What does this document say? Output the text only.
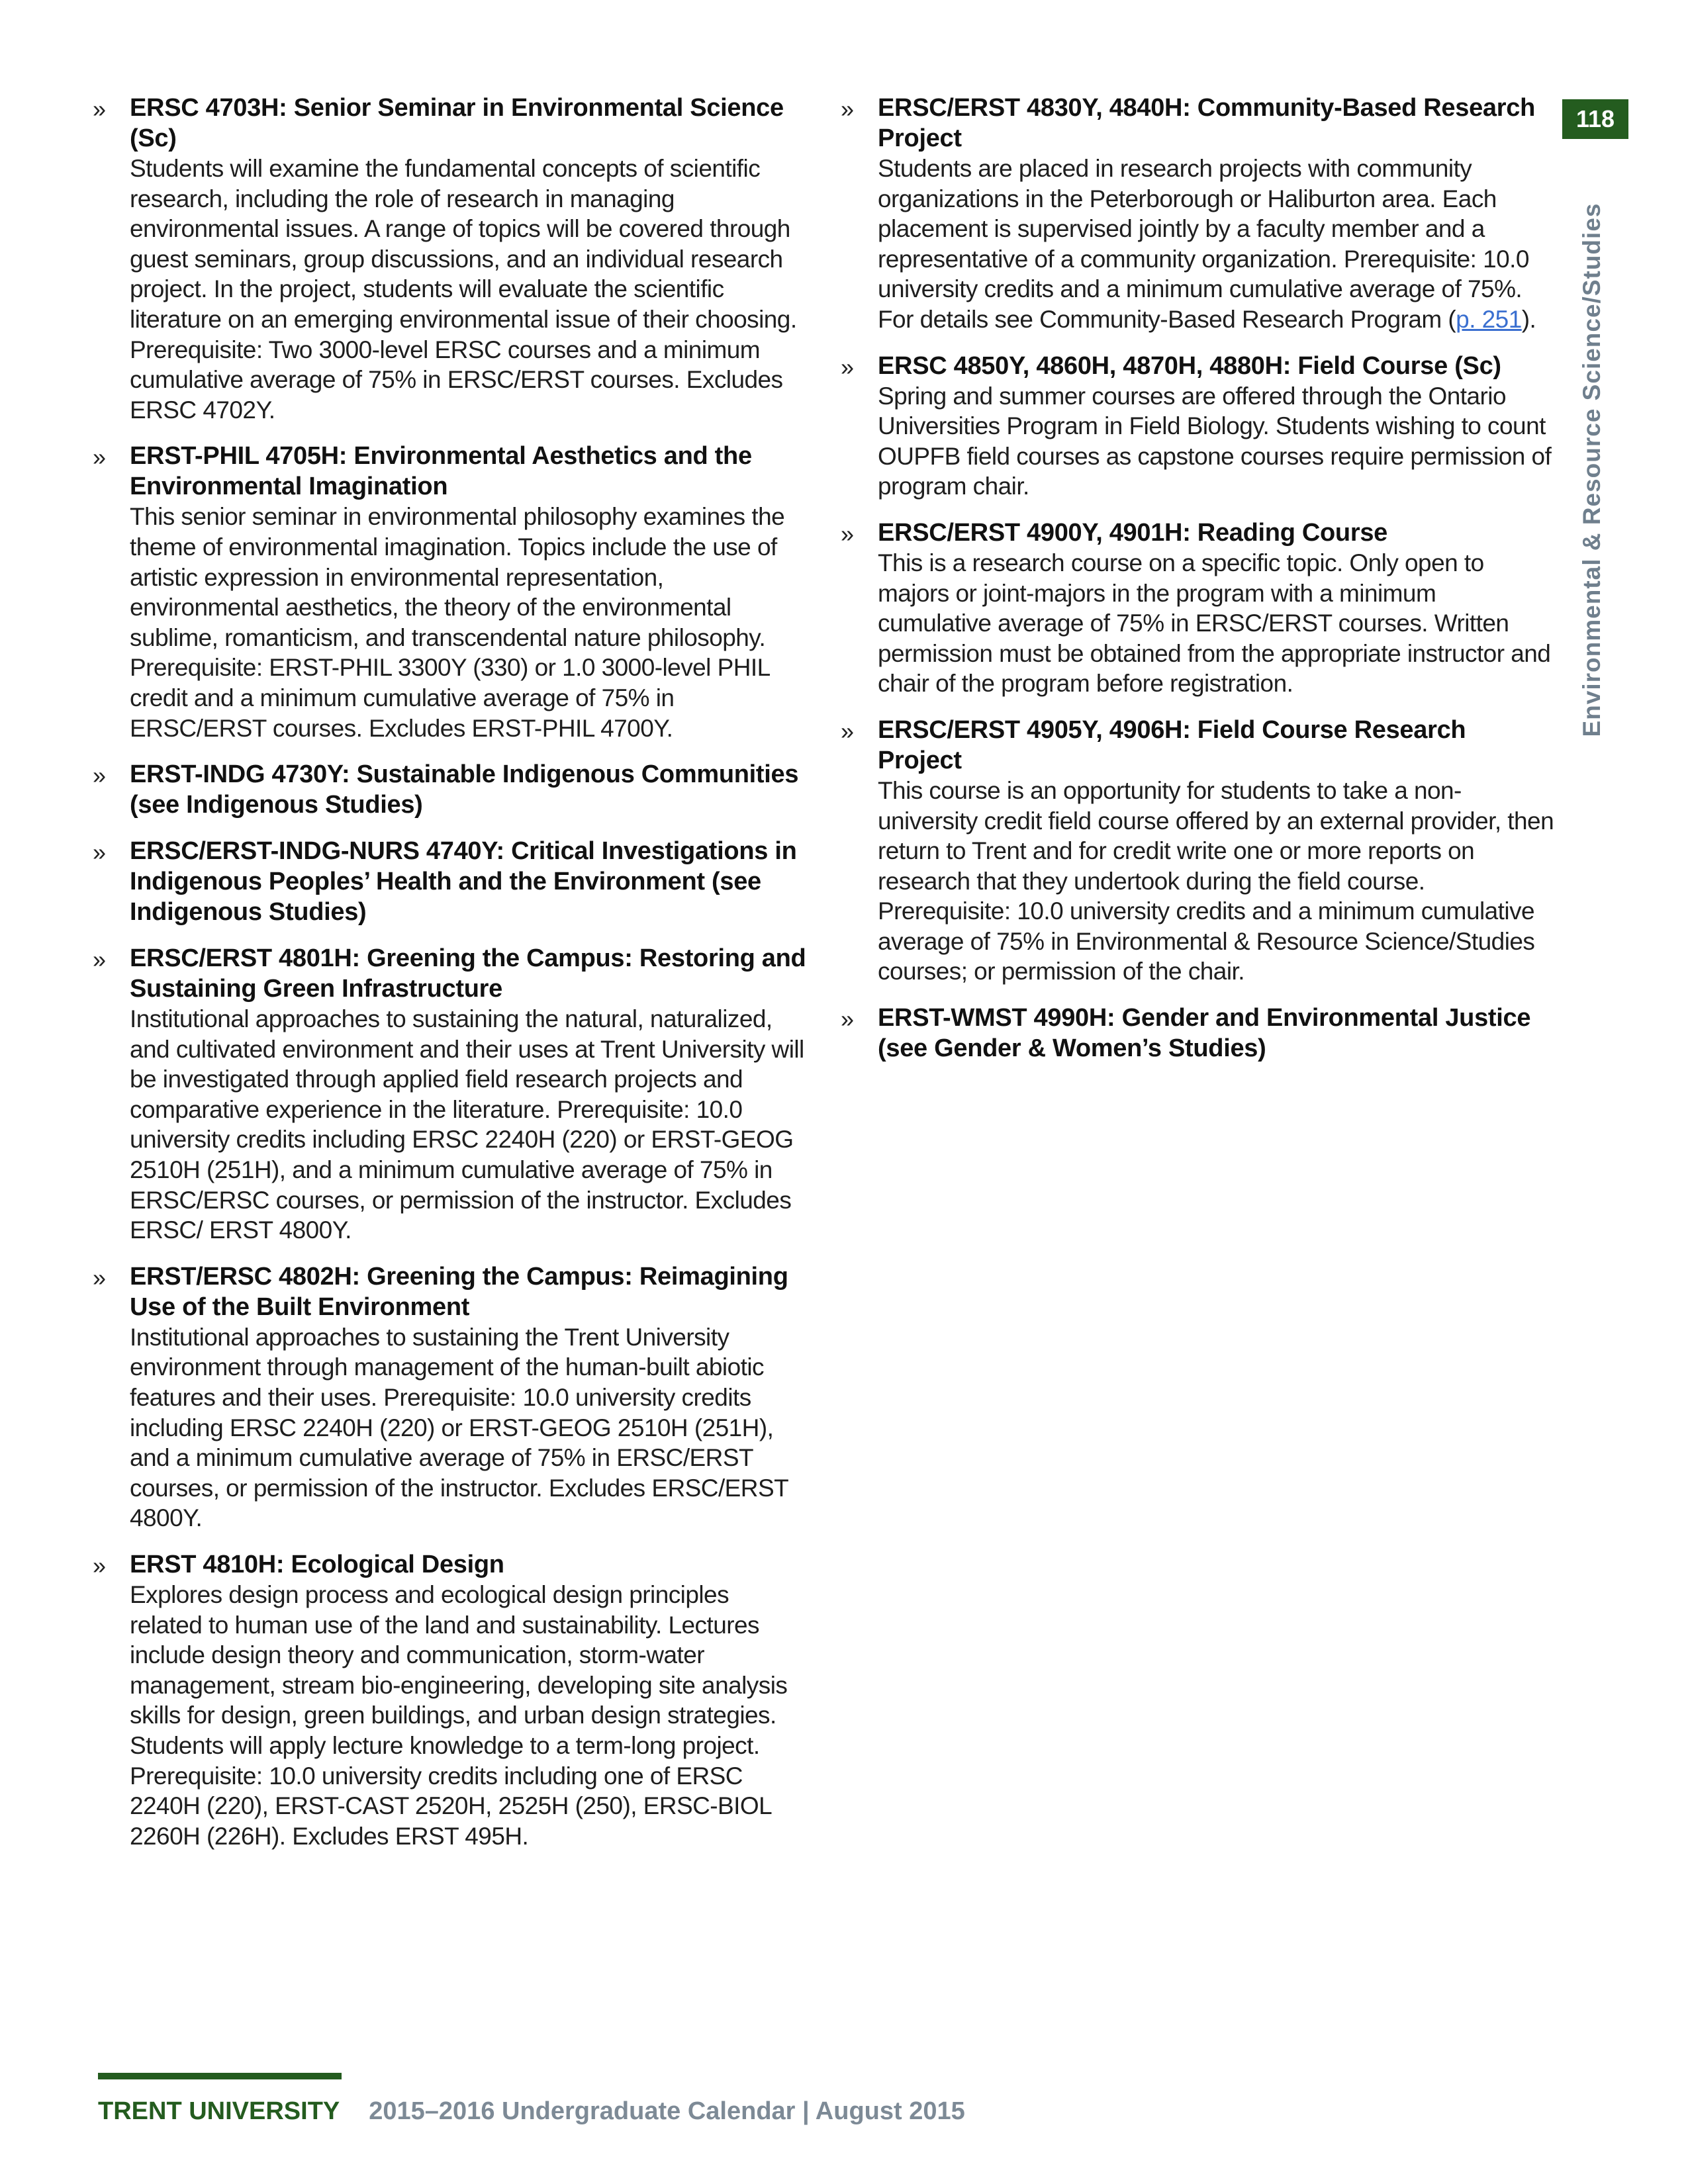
» ERSC 4703H: Senior Seminar in Environmental Science (Sc)
Students will examine the fundamental concepts of scientific research, including the role of research in managing environmental issues. A range of topics will be covered through guest seminars, group discussions, and an individual research project. In the project, students will evaluate the scientific literature on an emerging environmental issue of their choosing. Prerequisite: Two 3000-level ERSC courses and a minimum cumulative average of 75% in ERSC/ERST courses. Excludes ERSC 4702Y.
» ERST-PHIL 4705H: Environmental Aesthetics and the Environmental Imagination
This senior seminar in environmental philosophy examines the theme of environmental imagination. Topics include the use of artistic expression in environmental representation, environmental aesthetics, the theory of the environmental sublime, romanticism, and transcendental nature philosophy. Prerequisite: ERST-PHIL 3300Y (330) or 1.0 3000-level PHIL credit and a minimum cumulative average of 75% in ERSC/ERST courses. Excludes ERST-PHIL 4700Y.
» ERST-INDG 4730Y: Sustainable Indigenous Communities (see Indigenous Studies)
» ERSC/ERST-INDG-NURS 4740Y: Critical Investigations in Indigenous Peoples’ Health and the Environment (see Indigenous Studies)
» ERSC/ERST 4801H: Greening the Campus: Restoring and Sustaining Green Infrastructure
Institutional approaches to sustaining the natural, naturalized, and cultivated environment and their uses at Trent University will be investigated through applied field research projects and comparative experience in the literature. Prerequisite: 10.0 university credits including ERSC 2240H (220) or ERST-GEOG 2510H (251H), and a minimum cumulative average of 75% in ERSC/ERSC courses, or permission of the instructor. Excludes ERSC/ ERST 4800Y.
» ERST/ERSC 4802H: Greening the Campus: Reimagining Use of the Built Environment
Institutional approaches to sustaining the Trent University environment through management of the human-built abiotic features and their uses. Prerequisite: 10.0 university credits including ERSC 2240H (220) or ERST-GEOG 2510H (251H), and a minimum cumulative average of 75% in ERSC/ERST courses, or permission of the instructor. Excludes ERSC/ERST 4800Y.
» ERST 4810H: Ecological Design
Explores design process and ecological design principles related to human use of the land and sustainability. Lectures include design theory and communication, storm-water management, stream bio-engineering, developing site analysis skills for design, green buildings, and urban design strategies. Students will apply lecture knowledge to a term-long project. Prerequisite: 10.0 university credits including one of ERSC 2240H (220), ERST-CAST 2520H, 2525H (250), ERSC-BIOL 2260H (226H). Excludes ERST 495H.
» ERSC/ERST 4830Y, 4840H: Community-Based Research Project
Students are placed in research projects with community organizations in the Peterborough or Haliburton area. Each placement is supervised jointly by a faculty member and a representative of a community organization. Prerequisite: 10.0 university credits and a minimum cumulative average of 75%. For details see Community-Based Research Program (p. 251).
» ERSC 4850Y, 4860H, 4870H, 4880H: Field Course (Sc)
Spring and summer courses are offered through the Ontario Universities Program in Field Biology. Students wishing to count OUPFB field courses as capstone courses require permission of program chair.
» ERSC/ERST 4900Y, 4901H: Reading Course
This is a research course on a specific topic. Only open to majors or joint-majors in the program with a minimum cumulative average of 75% in ERSC/ERST courses. Written permission must be obtained from the appropriate instructor and chair of the program before registration.
» ERSC/ERST 4905Y, 4906H: Field Course Research Project
This course is an opportunity for students to take a non-university credit field course offered by an external provider, then return to Trent and for credit write one or more reports on research that they undertook during the field course. Prerequisite: 10.0 university credits and a minimum cumulative average of 75% in Environmental & Resource Science/Studies courses; or permission of the chair.
» ERST-WMST 4990H: Gender and Environmental Justice (see Gender & Women’s Studies)
118
Environmental & Resource Science/Studies
TRENT UNIVERSITY 2015–2016 Undergraduate Calendar | August 2015
